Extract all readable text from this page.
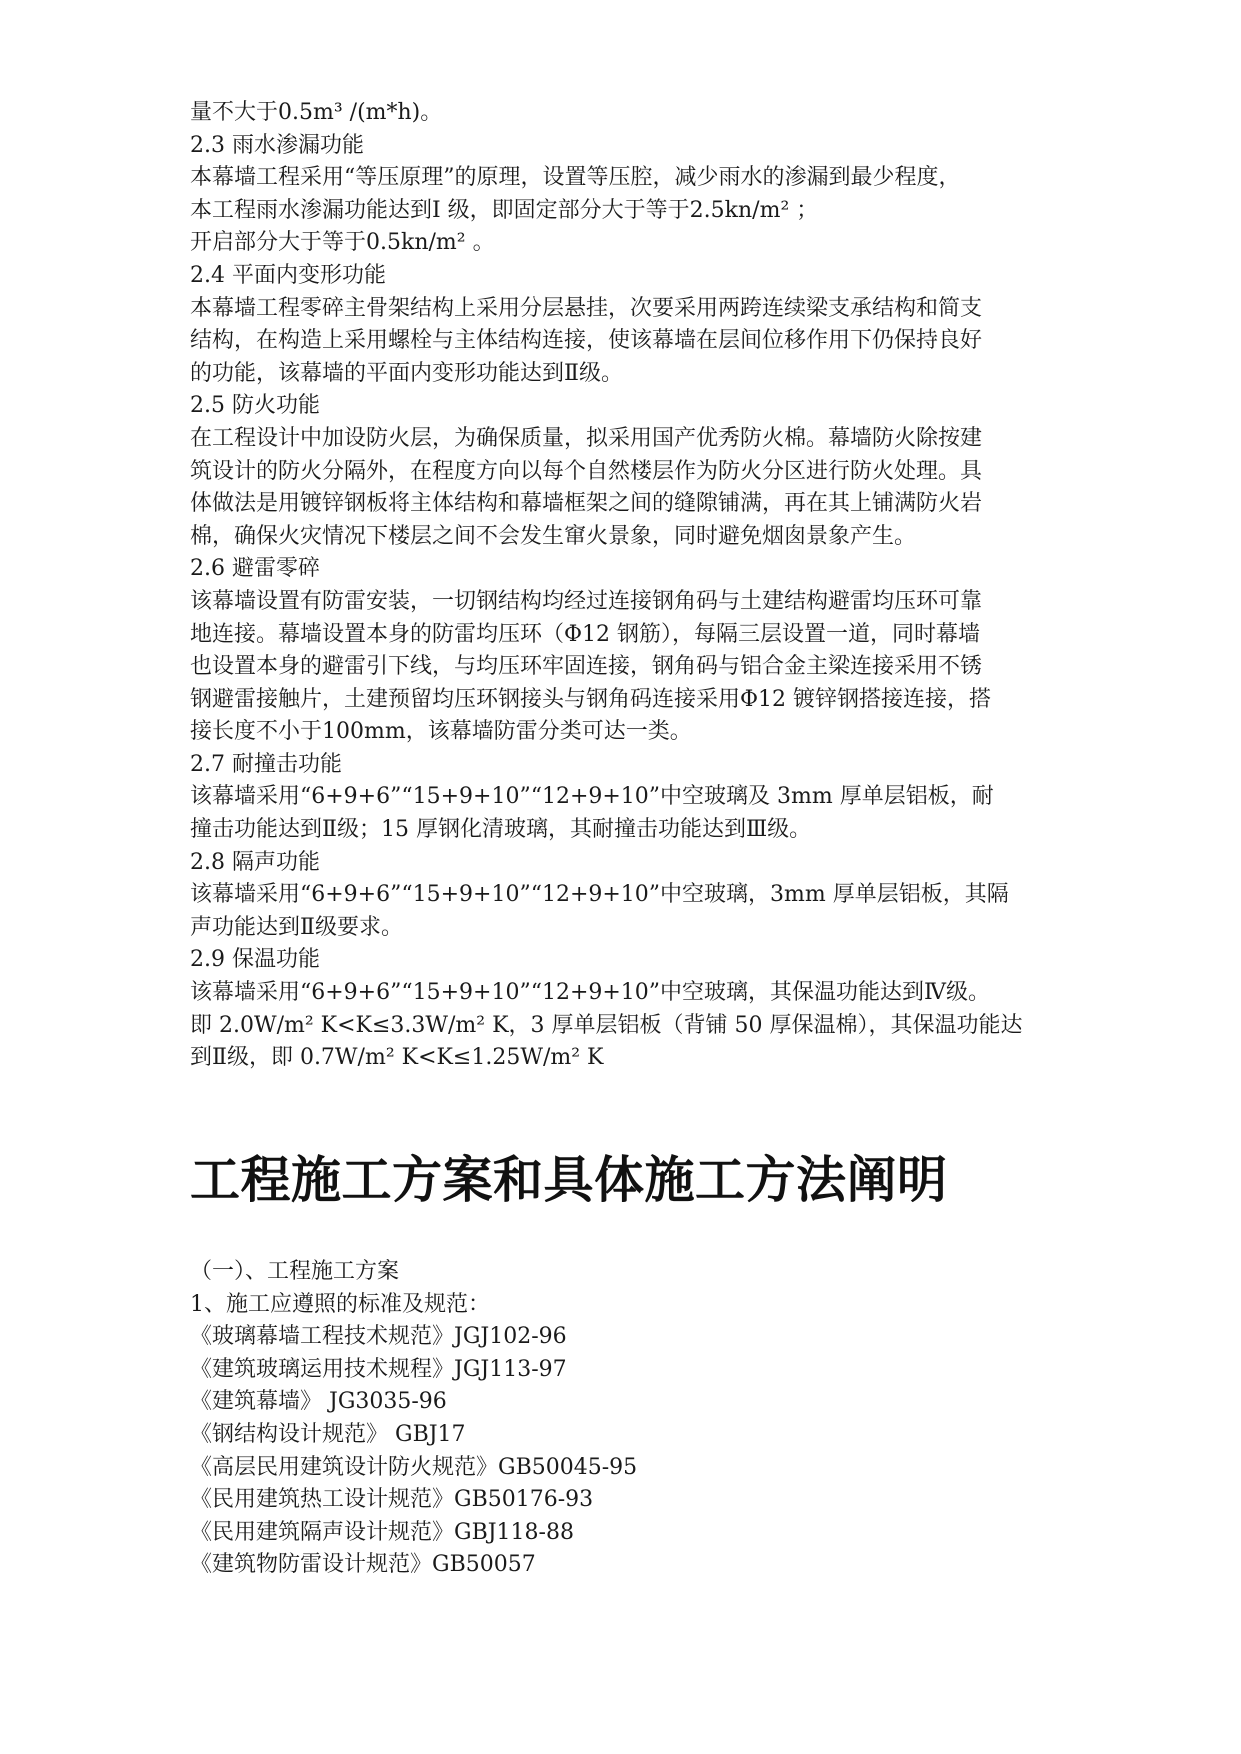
量不大于0.5m³ /(m*h)。
2.3 雨水渗漏功能
本幕墙工程采用“等压原理”的原理，设置等压腔，减少雨水的渗漏到最少程度，
本工程雨水渗漏功能达到Ⅰ 级，即固定部分大于等于2.5kn/m² ；
开启部分大于等于0.5kn/m² 。
2.4 平面内变形功能
本幕墙工程零碎主骨架结构上采用分层悬挂，次要采用两跨连续梁支承结构和简支
结构，在构造上采用螺栓与主体结构连接，使该幕墙在层间位移作用下仍保持良好
的功能，该幕墙的平面内变形功能达到Ⅱ级。
2.5 防火功能
在工程设计中加设防火层，为确保质量，拟采用国产优秀防火棉。幕墙防火除按建
筑设计的防火分隔外，在程度方向以每个自然楼层作为防火分区进行防火处理。具
体做法是用镀锌钢板将主体结构和幕墙框架之间的缝隙铺满，再在其上铺满防火岩
棉，确保火灾情况下楼层之间不会发生窜火景象，同时避免烟囱景象产生。
2.6 避雷零碎
该幕墙设置有防雷安装，一切钢结构均经过连接钢角码与土建结构避雷均压环可靠
地连接。幕墙设置本身的防雷均压环（Φ12 钢筋），每隔三层设置一道，同时幕墙
也设置本身的避雷引下线，与均压环牢固连接，钢角码与铝合金主梁连接采用不锈
钢避雷接触片，土建预留均压环钢接头与钢角码连接采用Φ12 镀锌钢搭接连接，搭
接长度不小于100mm，该幕墙防雷分类可达一类。
2.7 耐撞击功能
该幕墙采用“6+9+6”“15+9+10”“12+9+10”中空玻璃及 3mm 厚单层铝板，耐
撞击功能达到Ⅱ级；15 厚钢化清玻璃，其耐撞击功能达到Ⅲ级。
2.8 隔声功能
该幕墙采用“6+9+6”“15+9+10”“12+9+10”中空玻璃，3mm 厚单层铝板，其隔
声功能达到Ⅱ级要求。
2.9 保温功能
该幕墙采用“6+9+6”“15+9+10”“12+9+10”中空玻璃，其保温功能达到Ⅳ级。
即 2.0W/m² K<K≤3.3W/m² K，3 厚单层铝板（背铺 50 厚保温棉），其保温功能达
到Ⅱ级，即 0.7W/m² K<K≤1.25W/m² K
工程施工方案和具体施工方法阐明
（一）、工程施工方案
1、施工应遵照的标准及规范：
《玻璃幕墙工程技术规范》JGJ102-96
《建筑玻璃运用技术规程》JGJ113-97
《建筑幕墙》 JG3035-96
《钢结构设计规范》 GBJ17
《高层民用建筑设计防火规范》GB50045-95
《民用建筑热工设计规范》GB50176-93
《民用建筑隔声设计规范》GBJ118-88
《建筑物防雷设计规范》GB50057
